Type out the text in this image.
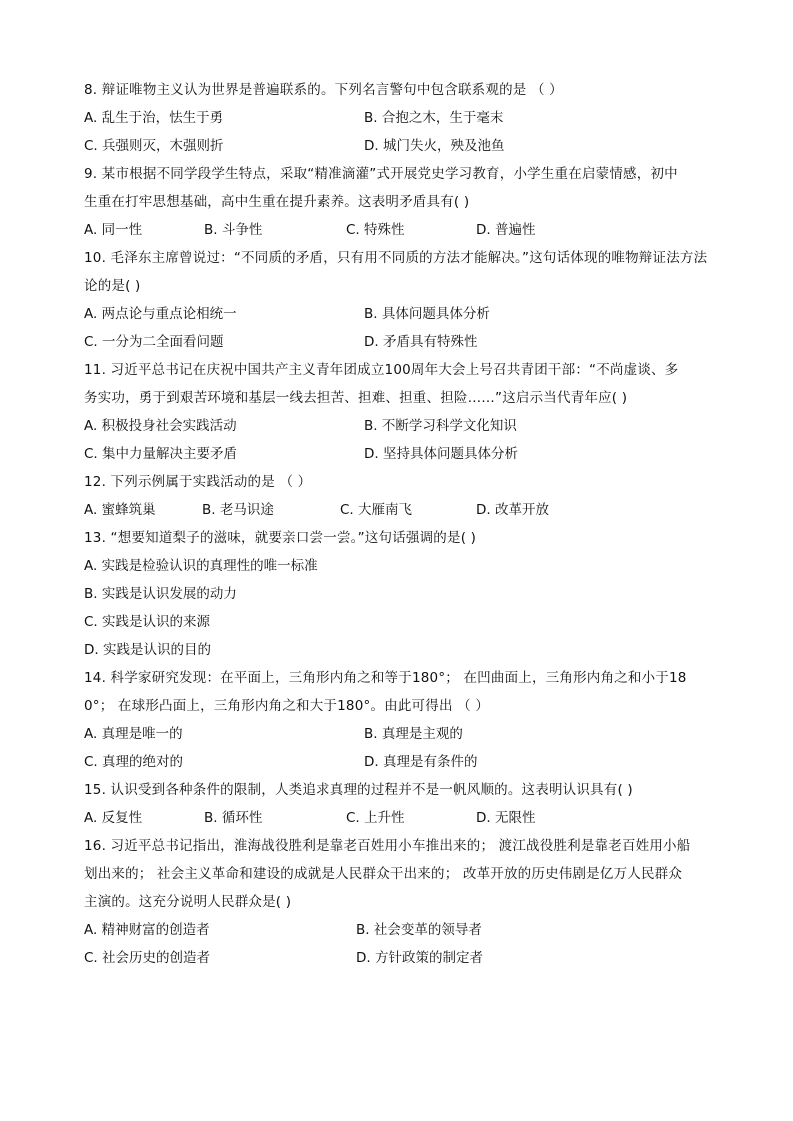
8. 辩证唯物主义认为世界是普遍联系的。下列名言警句中包含联系观的是 （ ）

A. 乱生于治，怯生于勇	B. 合抱之木，生于毫末
C. 兵强则灭，木强则折	D. 城门失火，殃及池鱼

9. 某市根据不同学段学生特点，采取“精准滴灌”式开展党史学习教育，小学生重在启蒙情感，初中

生重在打牢思想基础，高中生重在提升素养。这表明矛盾具有( )

A. 同一性	B. 斗争性	C. 特殊性	D. 普遍性

10. 毛泽东主席曾说过：“不同质的矛盾，只有用不同质的方法才能解决。”这句话体现的唯物辩证法方法

论的是( )

A. 两点论与重点论相统一	B. 具体问题具体分析
C. 一分为二全面看问题	D. 矛盾具有特殊性

11. 习近平总书记在庆祝中国共产主义青年团成立100周年大会上号召共青团干部：“不尚虚谈、多

务实功，勇于到艰苦环境和基层一线去担苦、担难、担重、担险……”这启示当代青年应( )

A. 积极投身社会实践活动	B. 不断学习科学文化知识
C. 集中力量解决主要矛盾	D. 坚持具体问题具体分析

12. 下列示例属于实践活动的是 （ ）

A. 蜜蜂筑巢	B. 老马识途	C. 大雁南飞	D. 改革开放

13. “想要知道梨子的滋味，就要亲口尝一尝。”这句话强调的是( )

A. 实践是检验认识的真理性的唯一标准
B. 实践是认识发展的动力
C. 实践是认识的来源
D. 实践是认识的目的

14. 科学家研究发现：在平面上，三角形内角之和等于180°； 在凹曲面上，三角形内角之和小于18

0°； 在球形凸面上，三角形内角之和大于180°。由此可得出 （ ）

A. 真理是唯一的	B. 真理是主观的
C. 真理的绝对的	D. 真理是有条件的

15. 认识受到各种条件的限制，人类追求真理的过程并不是一帆风顺的。这表明认识具有( )

A. 反复性	B. 循环性	C. 上升性	D. 无限性

16. 习近平总书记指出，淮海战役胜利是靠老百姓用小车推出来的； 渡江战役胜利是靠老百姓用小船

划出来的； 社会主义革命和建设的成就是人民群众干出来的； 改革开放的历史伟剧是亿万人民群众

主演的。这充分说明人民群众是( )

A. 精神财富的创造者	B. 社会变革的领导者
C. 社会历史的创造者	D. 方针政策的制定者
